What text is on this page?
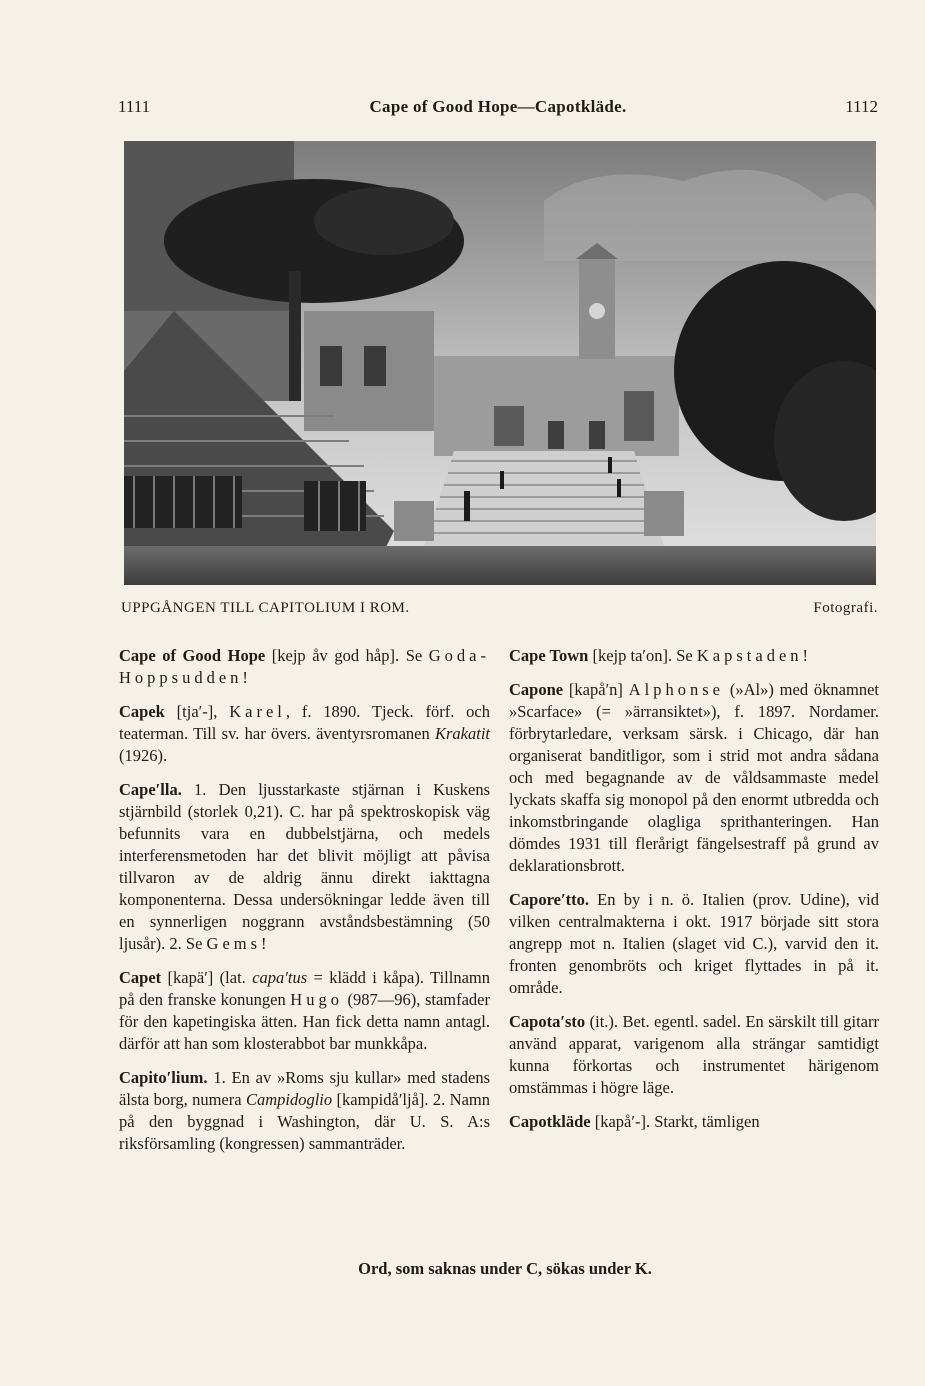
1111	Cape of Good Hope—Capotkläde.	1112
UPPGÅNGEN TILL CAPITOLIUM I ROM.	Fotografi.

Cape of Good Hope [kejp åv god håp]. Se Goda-Hoppsudden!

Capek [tja′-], Karel, f. 1890. Tjeck. förf. och teaterman. Till sv. har övers. äventyrsromanen Krakatit (1926).

Cape′lla. 1. Den ljusstarkaste stjärnan i Kuskens stjärnbild (storlek 0,21). C. har på spektroskopisk väg befunnits vara en dubbelstjärna, och medels interferensmetoden har det blivit möjligt att påvisa tillvaron av de aldrig ännu direkt iakttagna komponenterna. Dessa undersökningar ledde även till en synnerligen noggrann avståndsbestämning (50 ljusår). 2. Se Gems!

Capet [kapä′] (lat. capa′tus = klädd i kåpa). Tillnamn på den franske konungen Hugo (987—96), stamfader för den kapetingiska ätten. Han fick detta namn antagl. därför att han som klosterabbot bar munkkåpa.

Capito′lium. 1. En av »Roms sju kullar» med stadens älsta borg, numera Campidoglio [kampidå′ljå]. 2. Namn på den byggnad i Washington, där U. S. A:s riksförsamling (kongressen) sammanträder.

Cape Town [kejp ta′on]. Se Kapstaden!

Capone [kapå′n] Alphonse (»Al») med öknamnet »Scarface» (= »ärransiktet»), f. 1897. Nordamer. förbrytarledare, verksam särsk. i Chicago, där han organiserat banditligor, som i strid mot andra sådana och med begagnande av de våldsammaste medel lyckats skaffa sig monopol på den enormt utbredda och inkomstbringande olagliga sprithanteringen. Han dömdes 1931 till flerårigt fängelsestraff på grund av deklarationsbrott.

Capore′tto. En by i n. ö. Italien (prov. Udine), vid vilken centralmakterna i okt. 1917 började sitt stora angrepp mot n. Italien (slaget vid C.), varvid den it. fronten genombröts och kriget flyttades in på it. område.

Capota′sto (it.). Bet. egentl. sadel. En särskilt till gitarr använd apparat, varigenom alla strängar samtidigt kunna förkortas och instrumentet härigenom omstämmas i högre läge.

Capotkläde [kapå′-]. Starkt, tämligen

Ord, som saknas under C, sökas under K.
